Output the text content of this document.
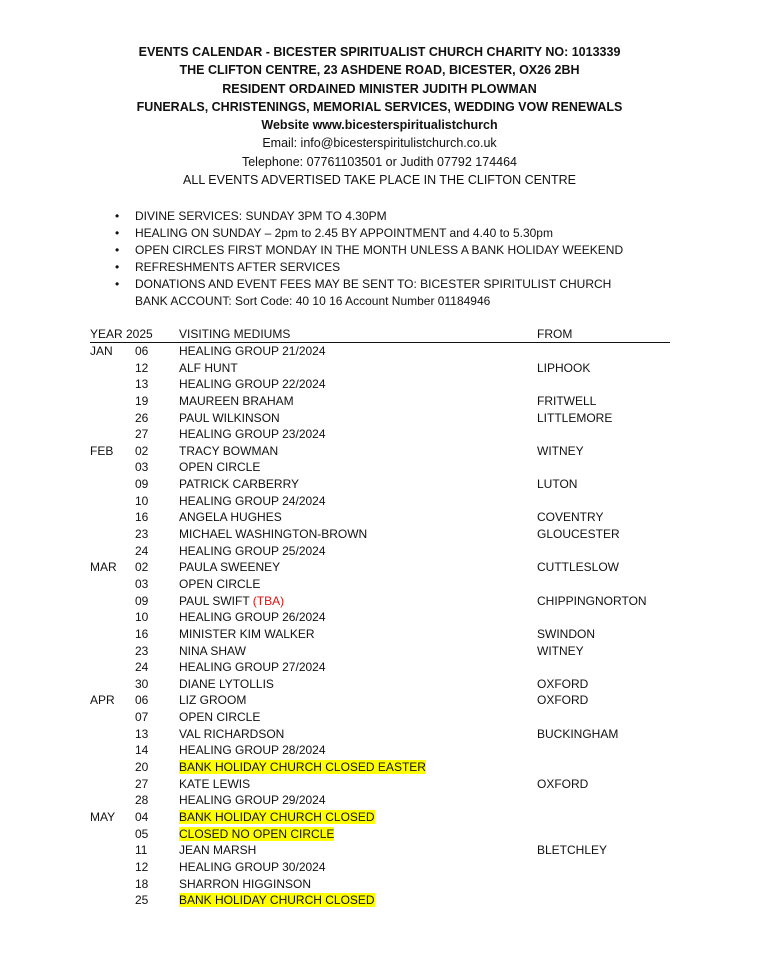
EVENTS CALENDAR - BICESTER SPIRITUALIST CHURCH CHARITY NO: 1013339
THE CLIFTON CENTRE, 23 ASHDENE ROAD, BICESTER, OX26 2BH
RESIDENT ORDAINED MINISTER JUDITH PLOWMAN
FUNERALS, CHRISTENINGS, MEMORIAL SERVICES, WEDDING VOW RENEWALS
Website www.bicesterspiritualistchurch
Email: info@bicesterspiritulistchurch.co.uk
Telephone: 07761103501 or Judith 07792 174464
ALL EVENTS ADVERTISED TAKE PLACE IN THE CLIFTON CENTRE
• DIVINE SERVICES: SUNDAY 3PM TO 4.30PM
• HEALING ON SUNDAY – 2pm to 2.45 BY APPOINTMENT and 4.40 to 5.30pm
• OPEN CIRCLES FIRST MONDAY IN THE MONTH UNLESS A BANK HOLIDAY WEEKEND
• REFRESHMENTS AFTER SERVICES
• DONATIONS AND EVENT FEES MAY BE SENT TO: BICESTER SPIRITULIST CHURCH
BANK ACCOUNT: Sort Code: 40 10 16 Account Number 01184946
YEAR 2025 VISITING MEDIUMS	FROM
JAN 06	HEALING GROUP 21/2024
12	ALF HUNT	LIPHOOK
13	HEALING GROUP 22/2024
19	MAUREEN BRAHAM	FRITWELL
26	PAUL WILKINSON	LITTLEMORE
27	HEALING GROUP 23/2024
FEB 02	TRACY BOWMAN	WITNEY
03	OPEN CIRCLE
09	PATRICK CARBERRY	LUTON
10	HEALING GROUP 24/2024
16	ANGELA HUGHES	COVENTRY
23	MICHAEL WASHINGTON-BROWN	GLOUCESTER
24	HEALING GROUP 25/2024
MAR 02	PAULA SWEENEY	CUTTLESLOW
03	OPEN CIRCLE
09	PAUL SWIFT (TBA)	CHIPPINGNORTON
10	HEALING GROUP 26/2024
16	MINISTER KIM WALKER	SWINDON
23	NINA SHAW	WITNEY
24	HEALING GROUP 27/2024
30	DIANE LYTOLLIS	OXFORD
APR 06	LIZ GROOM	OXFORD
07	OPEN CIRCLE
13	VAL RICHARDSON	BUCKINGHAM
14	HEALING GROUP 28/2024
20	BANK HOLIDAY CHURCH CLOSED EASTER
27	KATE LEWIS	OXFORD
28	HEALING GROUP 29/2024
MAY 04	BANK HOLIDAY CHURCH CLOSED
05	CLOSED NO OPEN CIRCLE
11	JEAN MARSH	BLETCHLEY
12	HEALING GROUP 30/2024
18	SHARRON HIGGINSON
25	BANK HOLIDAY CHURCH CLOSED
